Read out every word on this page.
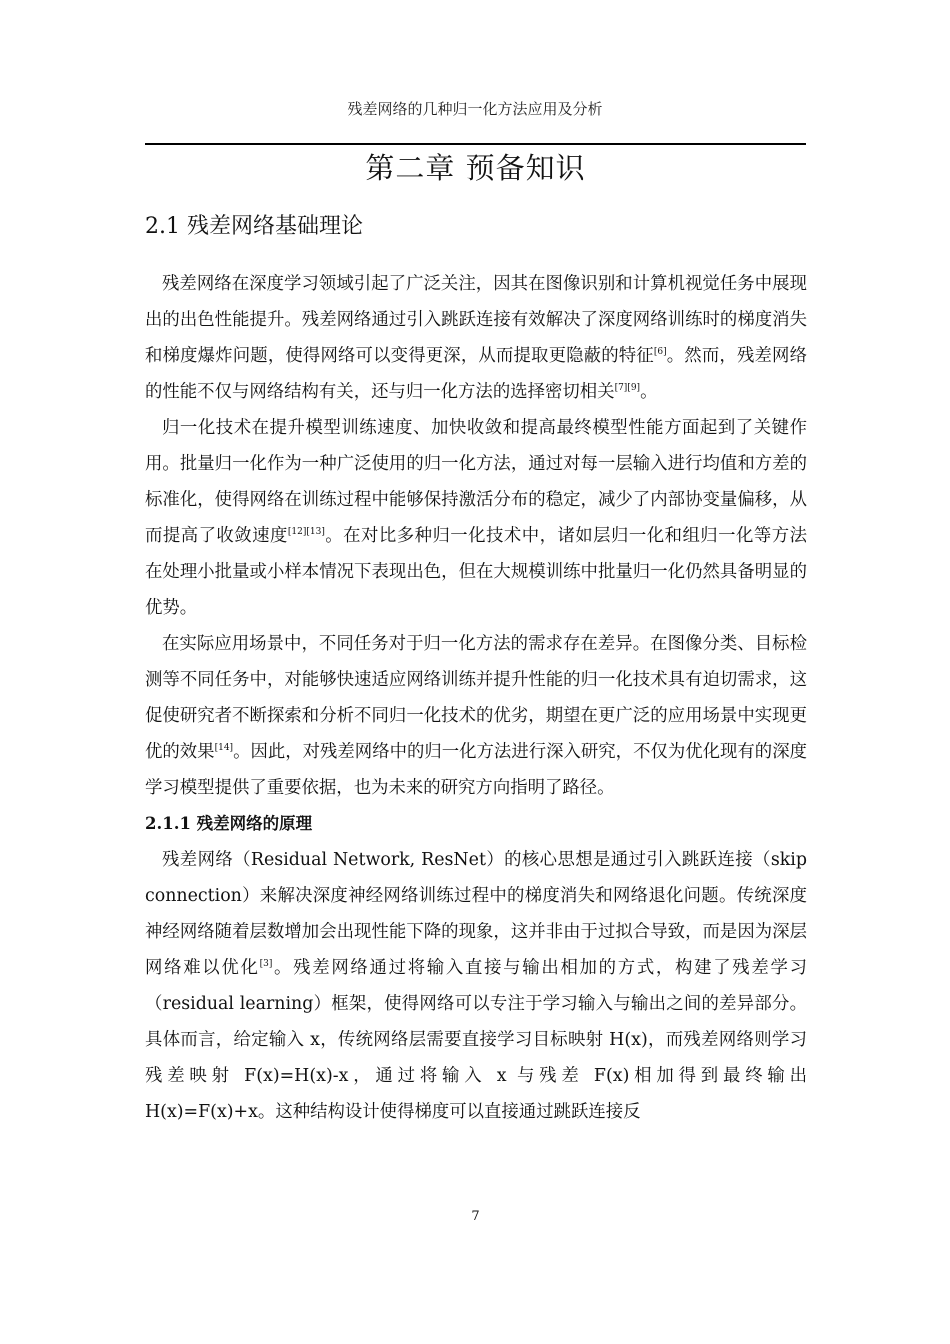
残差网络的几种归一化方法应用及分析
第二章 预备知识
2.1 残差网络基础理论

残差网络在深度学习领域引起了广泛关注，因其在图像识别和计算机视觉任务中展现出的出色性能提升。残差网络通过引入跳跃连接有效解决了深度网络训练时的梯度消失和梯度爆炸问题，使得网络可以变得更深，从而提取更隐蔽的特征[6]。然而，残差网络的性能不仅与网络结构有关，还与归一化方法的选择密切相关[7][9]。

归一化技术在提升模型训练速度、加快收敛和提高最终模型性能方面起到了关键作用。批量归一化作为一种广泛使用的归一化方法，通过对每一层输入进行均值和方差的标准化，使得网络在训练过程中能够保持激活分布的稳定，减少了内部协变量偏移，从而提高了收敛速度[12][13]。在对比多种归一化技术中，诸如层归一化和组归一化等方法在处理小批量或小样本情况下表现出色，但在大规模训练中批量归一化仍然具备明显的优势。

在实际应用场景中，不同任务对于归一化方法的需求存在差异。在图像分类、目标检测等不同任务中，对能够快速适应网络训练并提升性能的归一化技术具有迫切需求，这促使研究者不断探索和分析不同归一化技术的优劣，期望在更广泛的应用场景中实现更优的效果[14]。因此，对残差网络中的归一化方法进行深入研究，不仅为优化现有的深度学习模型提供了重要依据，也为未来的研究方向指明了路径。

2.1.1 残差网络的原理

残差网络（Residual Network, ResNet）的核心思想是通过引入跳跃连接（skip connection）来解决深度神经网络训练过程中的梯度消失和网络退化问题。传统深度神经网络随着层数增加会出现性能下降的现象，这并非由于过拟合导致，而是因为深层网络难以优化[3]。残差网络通过将输入直接与输出相加的方式，构建了残差学习（residual learning）框架，使得网络可以专注于学习输入与输出之间的差异部分。具体而言，给定输入 x，传统网络层需要直接学习目标映射 H(x)，而残差网络则学习残差映射 F(x)=H(x)-x，通过将输入 x 与残差 F(x)相加得到最终输出 H(x)=F(x)+x。这种结构设计使得梯度可以直接通过跳跃连接反

7
